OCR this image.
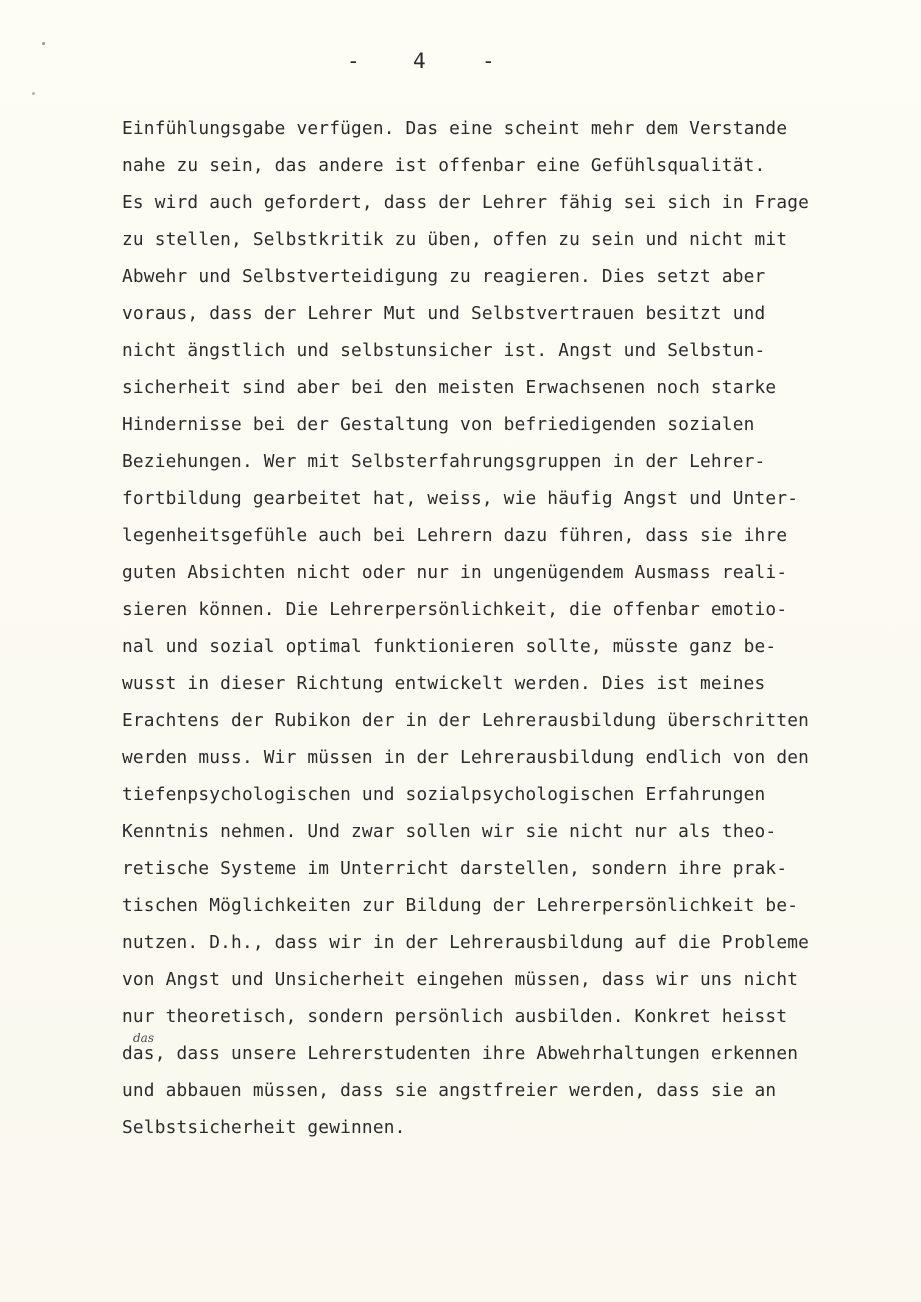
-	4	-
Einfühlungsgabe verfügen. Das eine scheint mehr dem Verstande
nahe zu sein, das andere ist offenbar eine Gefühlsqualität.
Es wird auch gefordert, dass der Lehrer fähig sei sich in Frage
zu stellen, Selbstkritik zu üben, offen zu sein und nicht mit
Abwehr und Selbstverteidigung zu reagieren. Dies setzt aber
voraus, dass der Lehrer Mut und Selbstvertrauen besitzt und
nicht ängstlich und selbstunsicher ist. Angst und Selbstun-
sicherheit sind aber bei den meisten Erwachsenen noch starke
Hindernisse bei der Gestaltung von befriedigenden sozialen
Beziehungen. Wer mit Selbsterfahrungsgruppen in der Lehrer-
fortbildung gearbeitet hat, weiss, wie häufig Angst und Unter-
legenheitsgefühle auch bei Lehrern dazu führen, dass sie ihre
guten Absichten nicht oder nur in ungenügendem Ausmass reali-
sieren können. Die Lehrerpersönlichkeit, die offenbar emotio-
nal und sozial optimal funktionieren sollte, müsste ganz be-
wusst in dieser Richtung entwickelt werden. Dies ist meines
Erachtens der Rubikon der in der Lehrerausbildung überschritten
werden muss. Wir müssen in der Lehrerausbildung endlich von den
tiefenpsychologischen und sozialpsychologischen Erfahrungen
Kenntnis nehmen. Und zwar sollen wir sie nicht nur als theo-
retische Systeme im Unterricht darstellen, sondern ihre prak-
tischen Möglichkeiten zur Bildung der Lehrerpersönlichkeit be-
nutzen. D.h., dass wir in der Lehrerausbildung auf die Probleme
von Angst und Unsicherheit eingehen müssen, dass wir uns nicht
nur theoretisch, sondern persönlich ausbilden. Konkret heisst
das, dass unsere Lehrerstudenten ihre Abwehrhaltungen erkennen
und abbauen müssen, dass sie angstfreier werden, dass sie an
Selbstsicherheit gewinnen.
das
